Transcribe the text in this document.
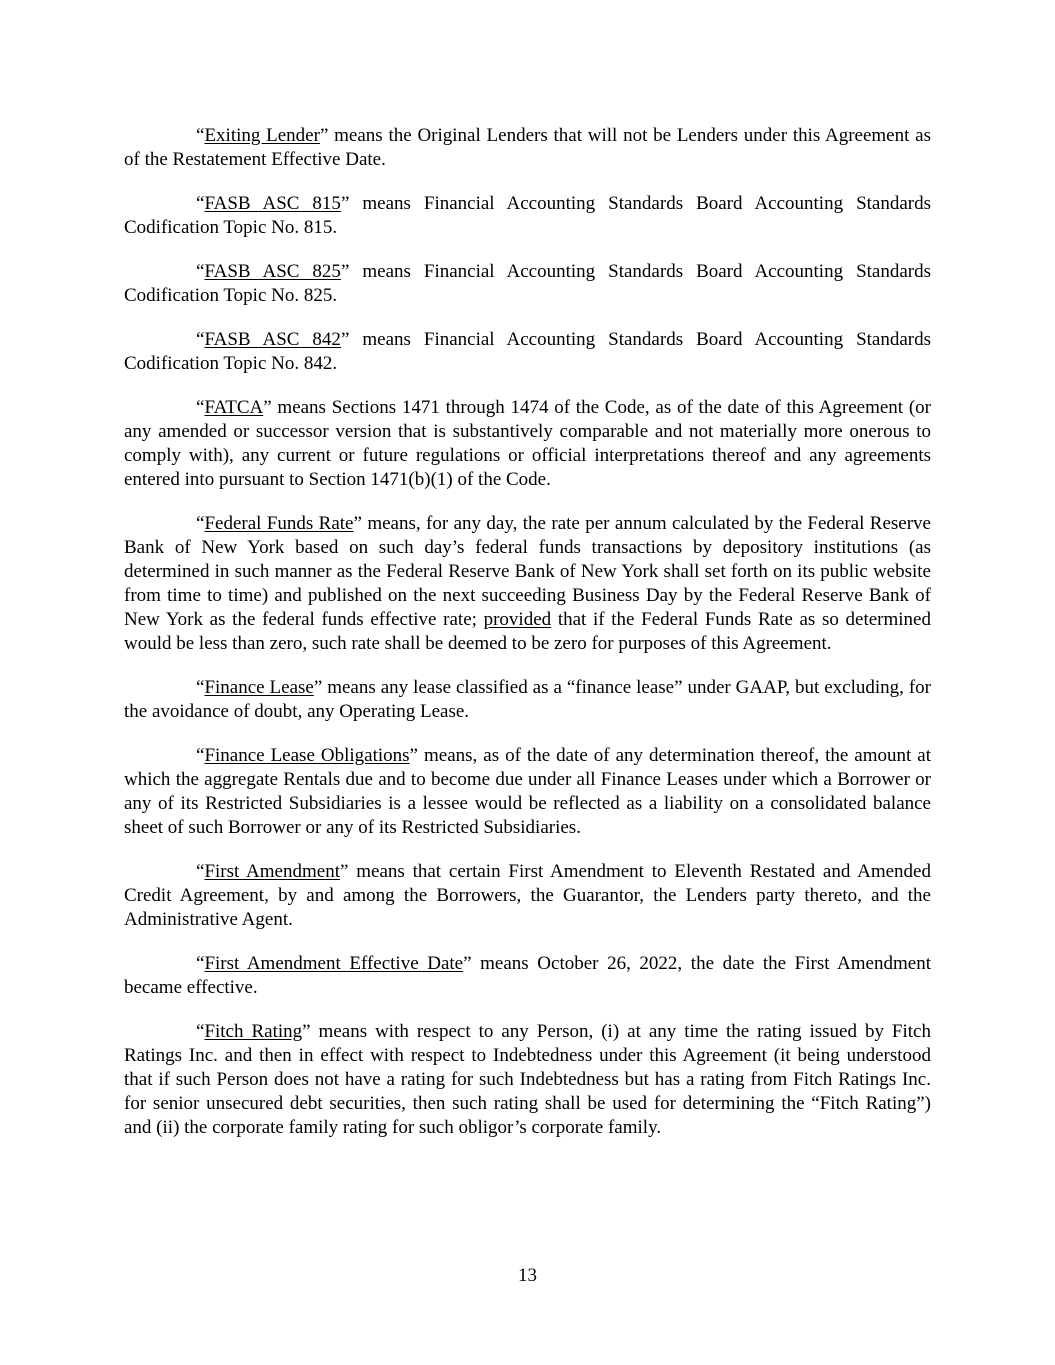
“Exiting Lender” means the Original Lenders that will not be Lenders under this Agreement as of the Restatement Effective Date.

“FASB ASC 815” means Financial Accounting Standards Board Accounting Standards Codification Topic No. 815.

“FASB ASC 825” means Financial Accounting Standards Board Accounting Standards Codification Topic No. 825.

“FASB ASC 842” means Financial Accounting Standards Board Accounting Standards Codification Topic No. 842.

“FATCA” means Sections 1471 through 1474 of the Code, as of the date of this Agreement (or any amended or successor version that is substantively comparable and not materially more onerous to comply with), any current or future regulations or official interpretations thereof and any agreements entered into pursuant to Section 1471(b)(1) of the Code.

“Federal Funds Rate” means, for any day, the rate per annum calculated by the Federal Reserve Bank of New York based on such day’s federal funds transactions by depository institutions (as determined in such manner as the Federal Reserve Bank of New York shall set forth on its public website from time to time) and published on the next succeeding Business Day by the Federal Reserve Bank of New York as the federal funds effective rate; provided that if the Federal Funds Rate as so determined would be less than zero, such rate shall be deemed to be zero for purposes of this Agreement.

“Finance Lease” means any lease classified as a “finance lease” under GAAP, but excluding, for the avoidance of doubt, any Operating Lease.

“Finance Lease Obligations” means, as of the date of any determination thereof, the amount at which the aggregate Rentals due and to become due under all Finance Leases under which a Borrower or any of its Restricted Subsidiaries is a lessee would be reflected as a liability on a consolidated balance sheet of such Borrower or any of its Restricted Subsidiaries.

“First Amendment” means that certain First Amendment to Eleventh Restated and Amended Credit Agreement, by and among the Borrowers, the Guarantor, the Lenders party thereto, and the Administrative Agent.

“First Amendment Effective Date” means October 26, 2022, the date the First Amendment became effective.

“Fitch Rating” means with respect to any Person, (i) at any time the rating issued by Fitch Ratings Inc. and then in effect with respect to Indebtedness under this Agreement (it being understood that if such Person does not have a rating for such Indebtedness but has a rating from Fitch Ratings Inc. for senior unsecured debt securities, then such rating shall be used for determining the “Fitch Rating”) and (ii) the corporate family rating for such obligor’s corporate family.

13
